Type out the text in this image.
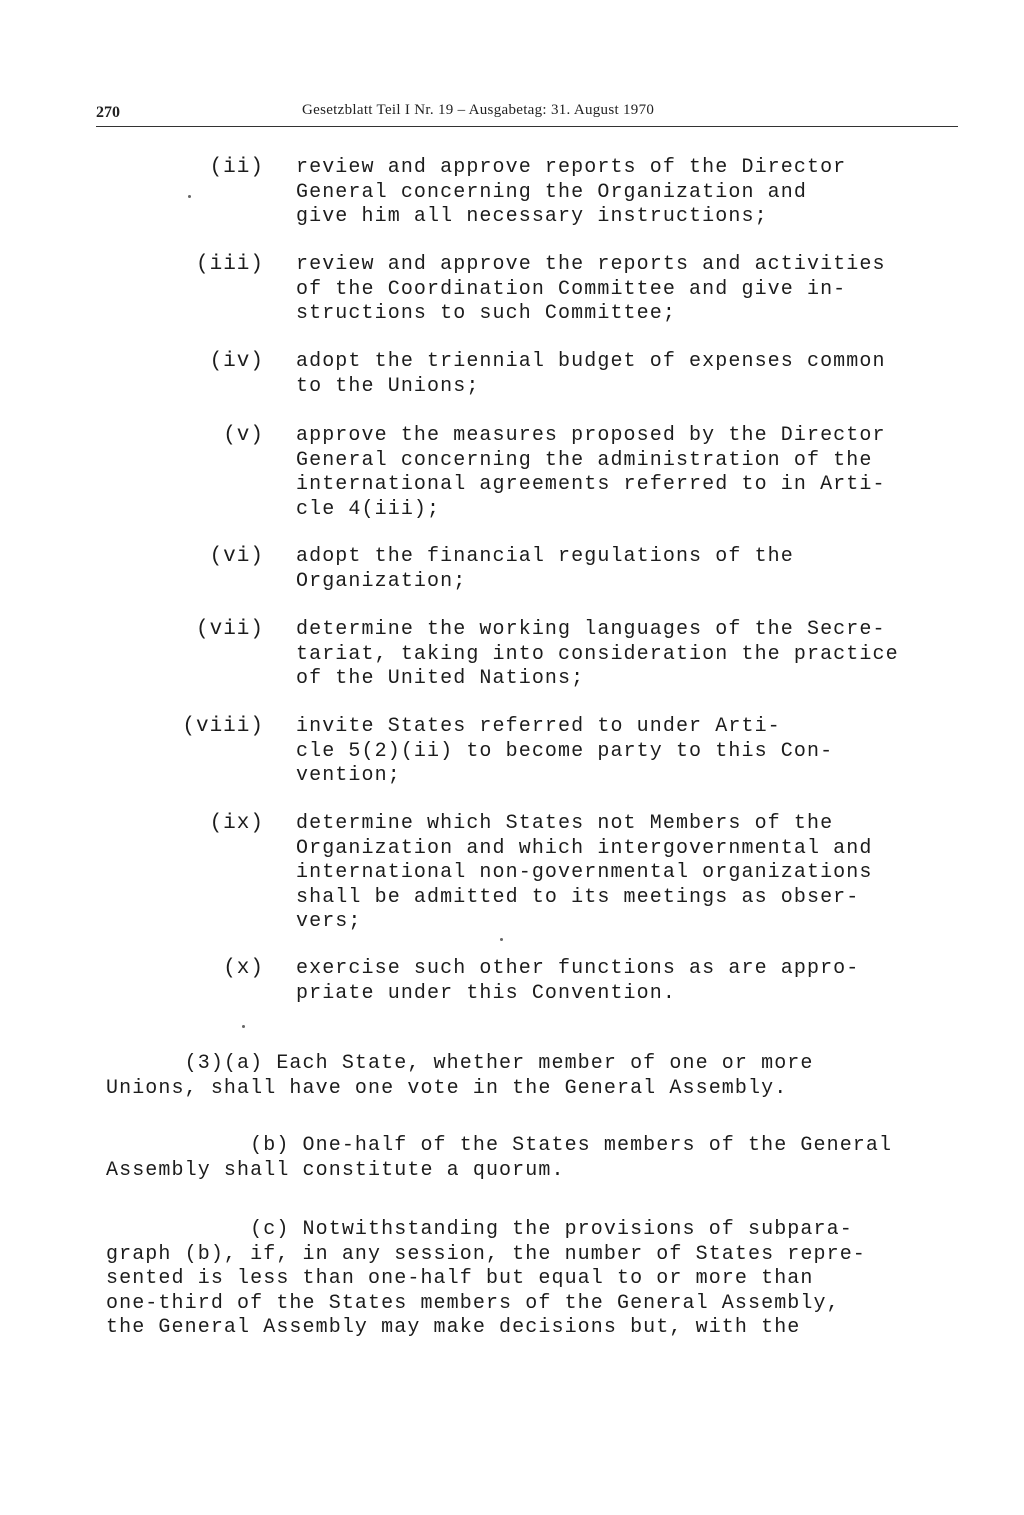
270	Gesetzblatt Teil I Nr. 19 – Ausgabetag: 31. August 1970
(ii) review and approve reports of the Director
General concerning the Organization and
give him all necessary instructions;
(iii) review and approve the reports and activities
of the Coordination Committee and give in-
structions to such Committee;
(iv) adopt the triennial budget of expenses common
to the Unions;
(v) approve the measures proposed by the Director
General concerning the administration of the
international agreements referred to in Arti-
cle 4(iii);
(vi) adopt the financial regulations of the
Organization;
(vii) determine the working languages of the Secre-
tariat, taking into consideration the practice
of the United Nations;
(viii) invite States referred to under Arti-
cle 5(2)(ii) to become party to this Con-
vention;
(ix) determine which States not Members of the
Organization and which intergovernmental and
international non-governmental organizations
shall be admitted to its meetings as obser-
vers;
(x) exercise such other functions as are appro-
priate under this Convention.
(3)(a) Each State, whether member of one or more
Unions, shall have one vote in the General Assembly.
(b) One-half of the States members of the General
Assembly shall constitute a quorum.
(c) Notwithstanding the provisions of subpara-
graph (b), if, in any session, the number of States repre-
sented is less than one-half but equal to or more than
one-third of the States members of the General Assembly,
the General Assembly may make decisions but, with the
